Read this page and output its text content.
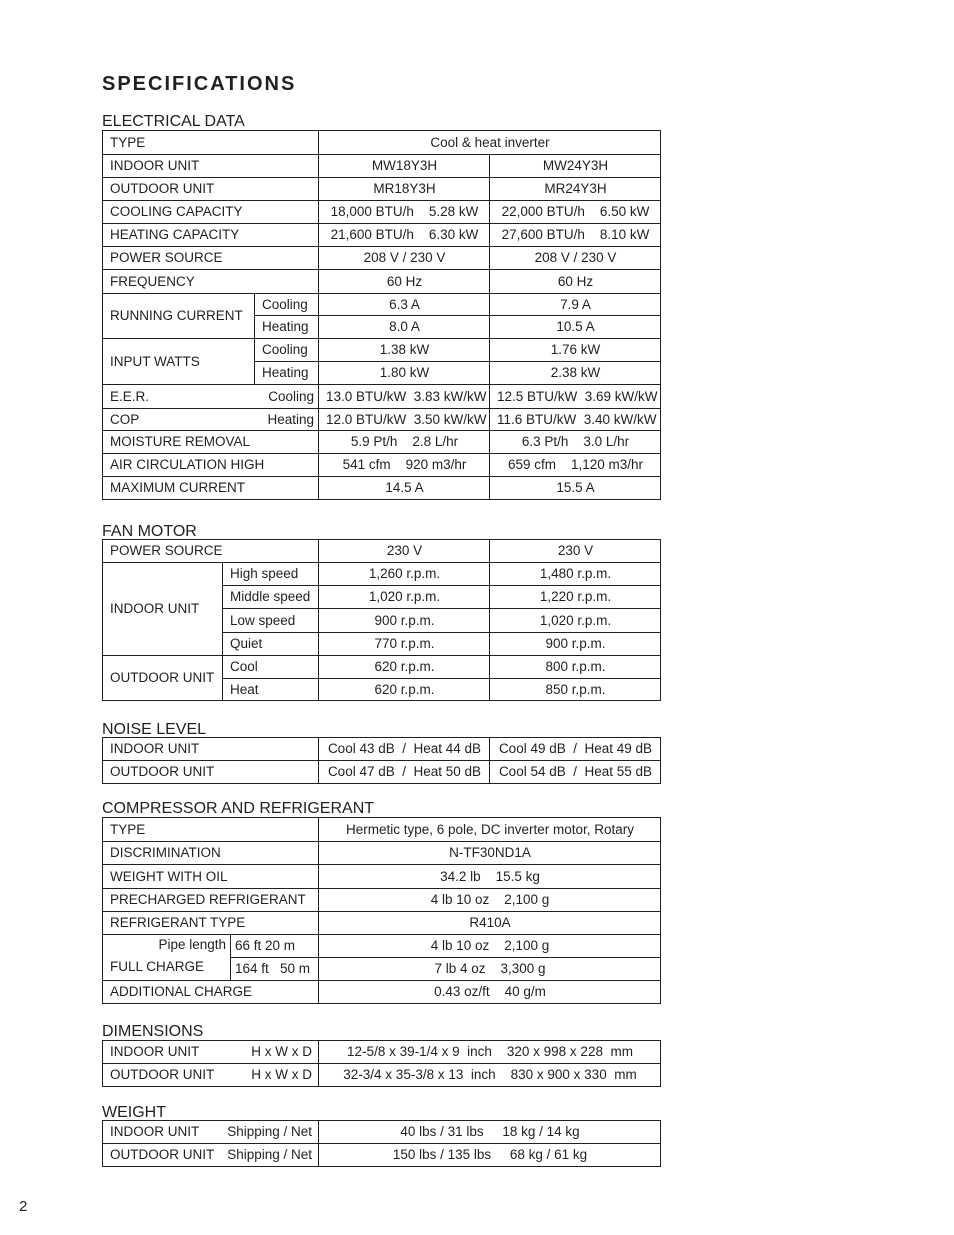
SPECIFICATIONS
ELECTRICAL DATA
TYPE		Cool & heat inverter	
INDOOR UNIT		MW18Y3H	MW24Y3H
OUTDOOR UNIT		MR18Y3H	MR24Y3H
COOLING CAPACITY		18,000 BTU/h    5.28 kW	22,000 BTU/h    6.50 kW
HEATING CAPACITY		21,600 BTU/h    6.30 kW	27,600 BTU/h    8.10 kW
POWER SOURCE		208 V / 230 V	208 V / 230 V
FREQUENCY		60 Hz	60 Hz
RUNNING CURRENT	Cooling	6.3 A	7.9 A
	Heating	8.0 A	10.5 A
INPUT WATTS	Cooling	1.38 kW	1.76 kW
	Heating	1.80 kW	2.38 kW
E.E.R.	Cooling	13.0 BTU/kW  3.83 kW/kW	12.5 BTU/kW  3.69 kW/kW
COP	Heating	12.0 BTU/kW  3.50 kW/kW	11.6 BTU/kW  3.40 kW/kW
MOISTURE REMOVAL		5.9 Pt/h    2.8 L/hr	6.3 Pt/h    3.0 L/hr
AIR CIRCULATION HIGH		541 cfm    920 m3/hr	659 cfm    1,120 m3/hr
MAXIMUM CURRENT		14.5 A	15.5 A
FAN MOTOR
POWER SOURCE		230 V	230 V
INDOOR UNIT	High speed	1,260 r.p.m.	1,480 r.p.m.
	Middle speed	1,020 r.p.m.	1,220 r.p.m.
	Low speed	900 r.p.m.	1,020 r.p.m.
	Quiet	770 r.p.m.	900 r.p.m.
OUTDOOR UNIT	Cool	620 r.p.m.	800 r.p.m.
	Heat	620 r.p.m.	850 r.p.m.
NOISE LEVEL
INDOOR UNIT	Cool 43 dB  /  Heat 44 dB	Cool 49 dB  /  Heat 49 dB
OUTDOOR UNIT	Cool 47 dB  /  Heat 50 dB	Cool 54 dB  /  Heat 55 dB
COMPRESSOR AND REFRIGERANT
TYPE		Hermetic type, 6 pole, DC inverter motor, Rotary
DISCRIMINATION		N-TF30ND1A
WEIGHT WITH OIL		34.2 lb    15.5 kg
PRECHARGED REFRIGERANT		4 lb 10 oz    2,100 g
REFRIGERANT TYPE		R410A

Pipe length
FULL CHARGE	66 ft 20 m	4 lb 10 oz    2,100 g
	164 ft   50 m	7 lb 4 oz    3,300 g
ADDITIONAL CHARGE		0.43 oz/ft    40 g/m
DIMENSIONS
INDOOR UNIT H x W x D	12-5/8 x 39-1/4 x 9  inch    320 x 998 x 228  mm
OUTDOOR UNIT H x W x D	32-3/4 x 35-3/8 x 13  inch    830 x 900 x 330  mm
WEIGHT
INDOOR UNIT Shipping / Net	40 lbs / 31 lbs     18 kg / 14 kg
OUTDOOR UNIT Shipping / Net	150 lbs / 135 lbs     68 kg / 61 kg

2
